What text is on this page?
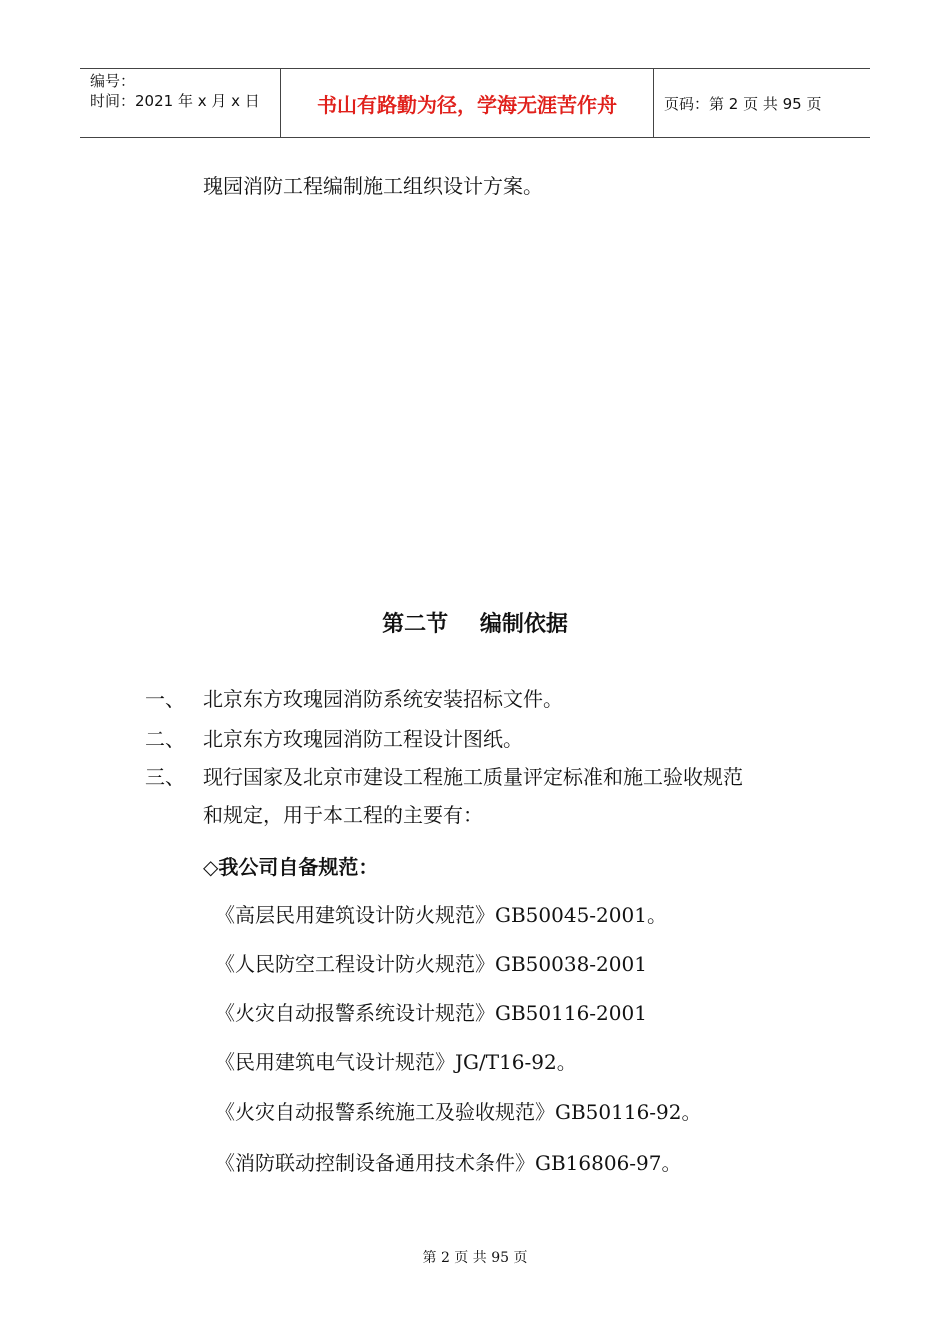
编号：
时间：2021 年 x 月 x 日	书山有路勤为径，学海无涯苦作舟	页码：第 2 页 共 95 页
瑰园消防工程编制施工组织设计方案。
第二节 编制依据
一、 北京东方玫瑰园消防系统安装招标文件。
二、 北京东方玫瑰园消防工程设计图纸。
三、 现行国家及北京市建设工程施工质量评定标准和施工验收规范
和规定，用于本工程的主要有：
◇我公司自备规范：
《高层民用建筑设计防火规范》GB50045-2001。
《人民防空工程设计防火规范》GB50038-2001
《火灾自动报警系统设计规范》GB50116-2001
《民用建筑电气设计规范》JG/T16-92。
《火灾自动报警系统施工及验收规范》GB50116-92。
《消防联动控制设备通用技术条件》GB16806-97。
第 2 页 共 95 页
